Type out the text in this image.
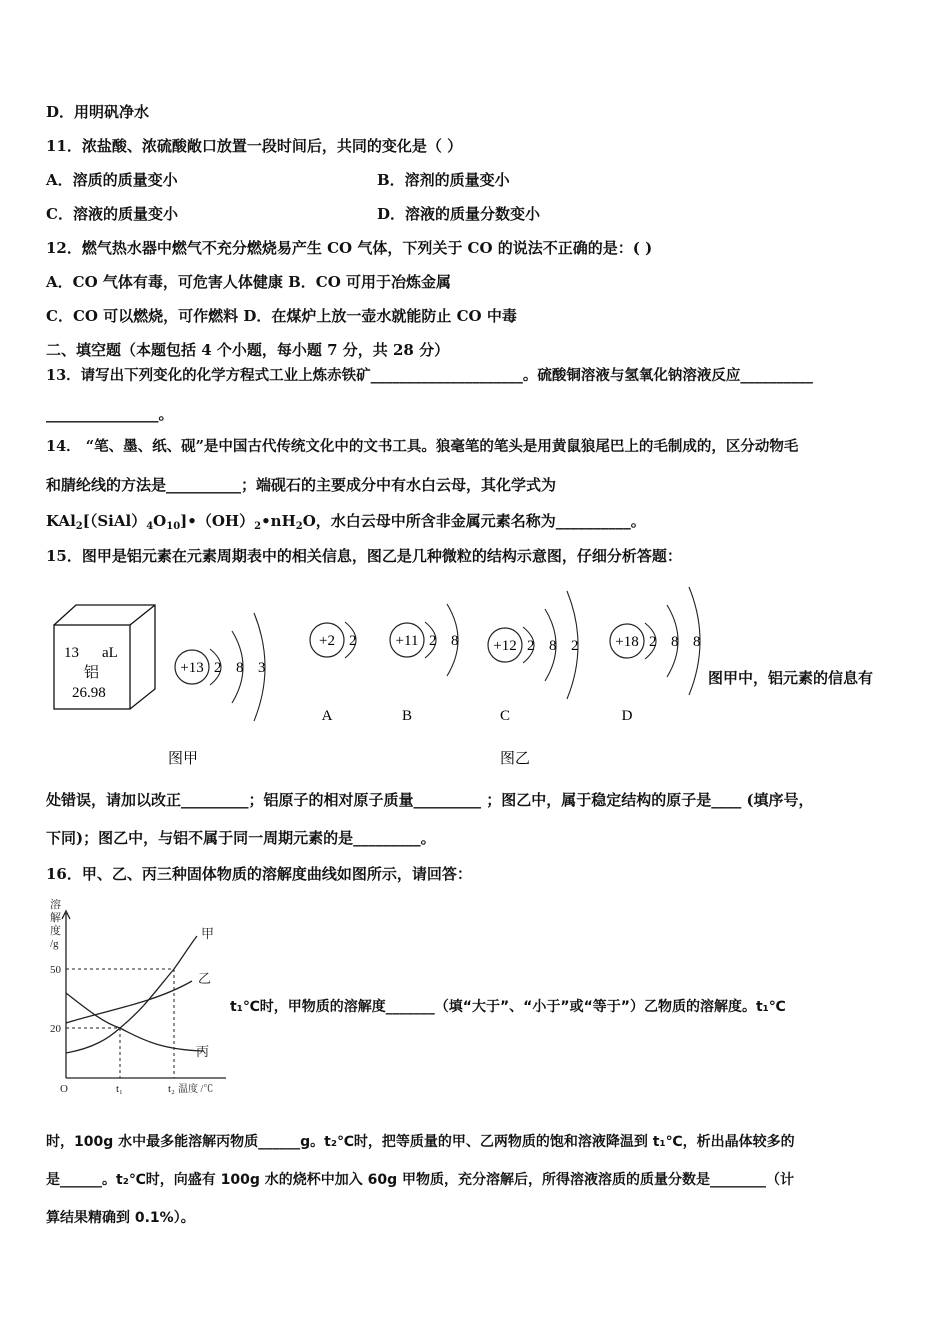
D．用明矾净水
11．浓盐酸、浓硫酸敞口放置一段时间后，共同的变化是（ ）
A．溶质的质量变小	B．溶剂的质量变小
C．溶液的质量变小	D．溶液的质量分数变小
12．燃气热水器中燃气不充分燃烧易产生 CO 气体，下列关于 CO 的说法不正确的是：( )
A．CO 气体有毒，可危害人体健康 B．CO 可用于冶炼金属
C．CO 可以燃烧，可作燃料 D．在煤炉上放一壶水就能防止 CO 中毒
二、填空题（本题包括 4 个小题，每小题 7 分，共 28 分）
13．请写出下列变化的化学方程式工业上炼赤铁矿_____________________。硫酸铜溶液与氢氧化钠溶液反应__________
_______________。
14． “笔、墨、纸、砚”是中国古代传统文化中的文书工具。狼毫笔的笔头是用黄鼠狼尾巴上的毛制成的，区分动物毛
和腈纶线的方法是__________；端砚石的主要成分中有水白云母，其化学式为
$KAl_2[(SiAl)_4O_{10}]•(OH)_2•nH_2O$，水白云母中所含非金属元素名称为__________。
15．图甲是铝元素在元素周期表中的相关信息，图乙是几种微粒的结构示意图，仔细分析答题：
13 aL
铝
26.98
+13 2 8 3
+2 2
A
+11 2 8
B
+12 2 8 2
C
+18 2 8 8
D
图甲	图乙
图甲中，铝元素的信息有
处错误，请加以改正_________；铝原子的相对原子质量_________ ；图乙中，属于稳定结构的原子是____ (填序号，
下同)；图乙中，与铝不属于同一周期元素的是_________。
16．甲、乙、丙三种固体物质的溶解度曲线如图所示，请回答：
溶
解
度
/g
50
20
O	t₁	t₂ 温度 /℃
甲
乙
丙
t₁℃时，甲物质的溶解度_______（填“大于”、“小于”或“等于”）乙物质的溶解度。t₁℃
时，100g 水中最多能溶解丙物质______g。t₂℃时，把等质量的甲、乙两物质的饱和溶液降温到 t₁℃，析出晶体较多的
是______。t₂℃时，向盛有 100g 水的烧杯中加入 60g 甲物质，充分溶解后，所得溶液溶质的质量分数是________（计
算结果精确到 0.1%）。
